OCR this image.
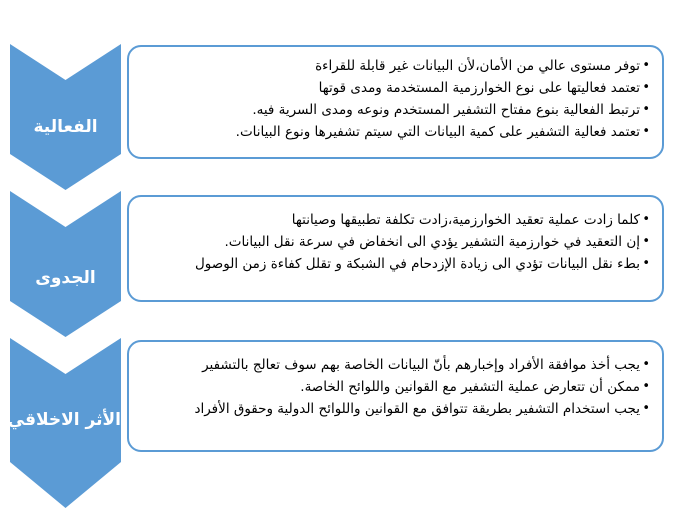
الفعالية
•
توفر مستوى عالي من الأمان،لأن البيانات غير قابلة للقراءة
•
تعتمد فعاليتها على نوع الخوارزمية المستخدمة ومدى قوتها
•
ترتبط الفعالية بنوع مفتاح التشفير المستخدم ونوعه ومدى السرية فيه.
•
تعتمد فعالية التشفير على كمية البيانات التي سيتم تشفيرها ونوع البيانات.
الجدوى
•
كلما زادت عملية تعقيد الخوارزمية،زادت تكلفة تطبيقها وصيانتها
•
إن التعقيد في خوارزمية التشفير يؤدي الى انخفاض في سرعة نقل البيانات.
•
بطء نقل البيانات تؤدي الى زيادة الإزدحام في الشبكة و تقلل كفاءة زمن الوصول
الأثر الاخلاقي
•
يجب أخذ موافقة الأفراد وإخبارهم بأنّ البيانات الخاصة بهم سوف تعالج بالتشفير
•
ممكن أن تتعارض عملية التشفير مع القوانين واللوائح الخاصة.
•
يجب استخدام التشفير بطريقة تتوافق مع القوانين واللوائح الدولية وحقوق الأفراد
